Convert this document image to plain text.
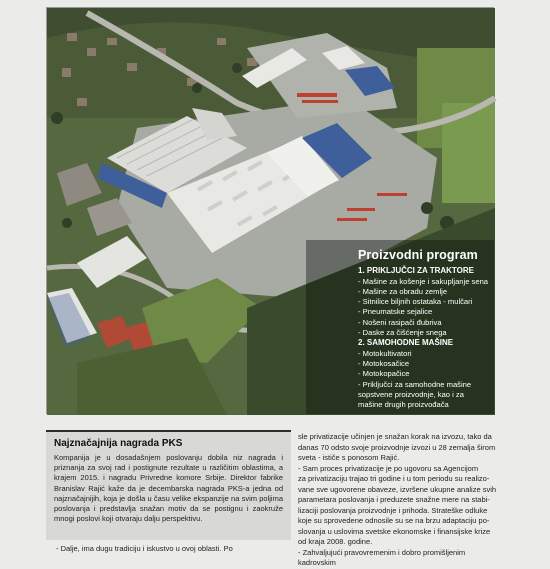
Proizvodni program
1. PRIKLJUČCI ZA TRAKTORE
- Mašine za košenje i sakupljanje sena
- Mašine za obradu zemlje
- Sitnilice biljnih ostataka - mulčari
- Pneumatske sejalice
- Nošeni rasipači đubriva
- Daske za čišćenje snega
2. SAMOHODNE MAŠINE
- Motokultivatori
- Motokosačice
- Motokopačice
- Priključci za samohodne mašine
sopstvene proizvodnje, kao i za
mašine drugih proizvođača
Najznačajnija nagrada PKS
Kompanija je u dosadašnjem poslovanju dobila niz nagrada i priznanja za svoj rad i postignute rezultate u različitim oblastima, a krajem 2015. i nagradu Privredne komore Srbije. Direktor fabrike Branislav Rajić kaže da je decembarska nagrada PKS-a jedna od najznačajnijih, koja je došla u času velike ekspanzije na svim poljima poslovanja i predstavlja snažan motiv da se postignu i zaokruže mnogi poslovi koji otvaraju dalju perspektivu.
- Dalje, ima dugu tradiciju i iskustvo u ovoj oblasti. Po

sle privatizacije učinjen je snažan korak na izvozu, tako da

danas 70 odsto svoje proizvodnje izvozi u 28 zemalja širom

sveta - ističe s ponosom Rajić.

- Sam proces privatizacije je po ugovoru sa Agencijom

za privatizaciju trajao tri godine i u tom periodu su realizo-

vane sve ugovorene obaveze, izvršene ukupne analize svih

parametara poslovanja i preduzete snažne mere na stabi-

lizaciji poslovanja proizvodnje i prihoda. Strateške odluke

koje su sprovedene odnosile su se na brzu adaptaciju po-

slovanja u uslovima svetske ekonomske i finansijske krize

od kraja 2008. godine.

- Zahvaljujući pravovremenim i dobro promišljenim kadrovskim
